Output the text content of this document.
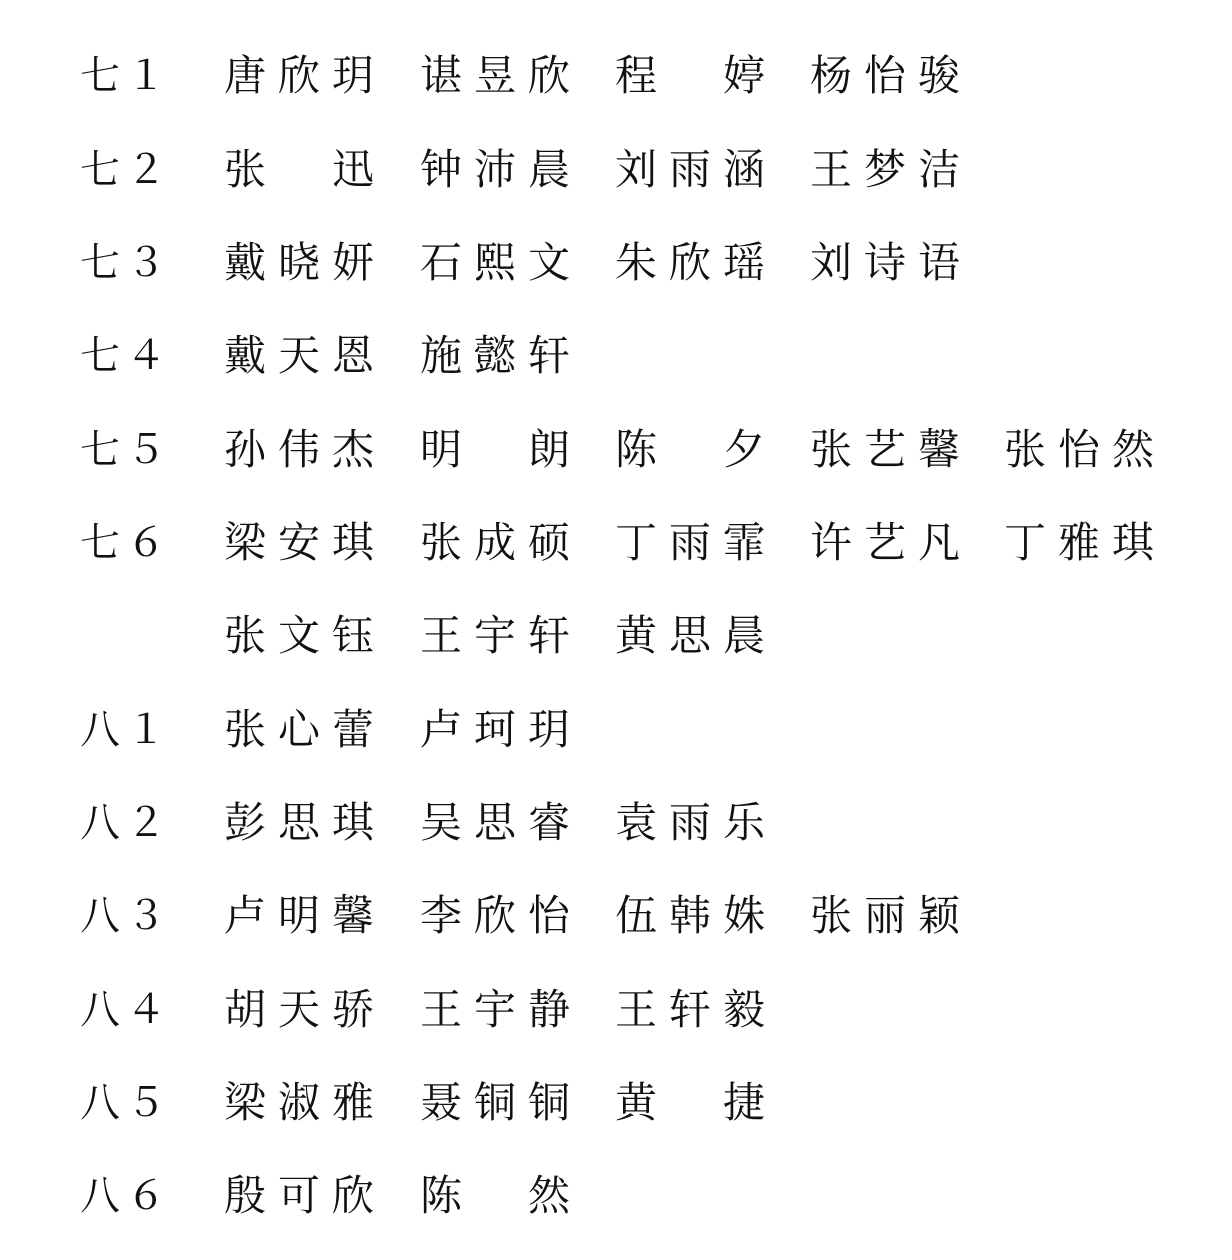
七１ 唐欣玥 谌昱欣 程　婷 杨怡骏
七２ 张　迅 钟沛晨 刘雨涵 王梦洁
七３ 戴晓妍 石熙文 朱欣瑶 刘诗语
七４ 戴天恩 施懿轩
七５ 孙伟杰 明　朗 陈　夕 张艺馨 张怡然
七６ 梁安琪 张成硕 丁雨霏 许艺凡 丁雅琪
张文钰 王宇轩 黄思晨
八１ 张心蕾 卢珂玥
八２ 彭思琪 吴思睿 袁雨乐
八３ 卢明馨 李欣怡 伍韩姝 张丽颖
八４ 胡天骄 王宇静 王轩毅
八５ 梁淑雅 聂铜铜 黄　捷
八６ 殷可欣 陈　然
